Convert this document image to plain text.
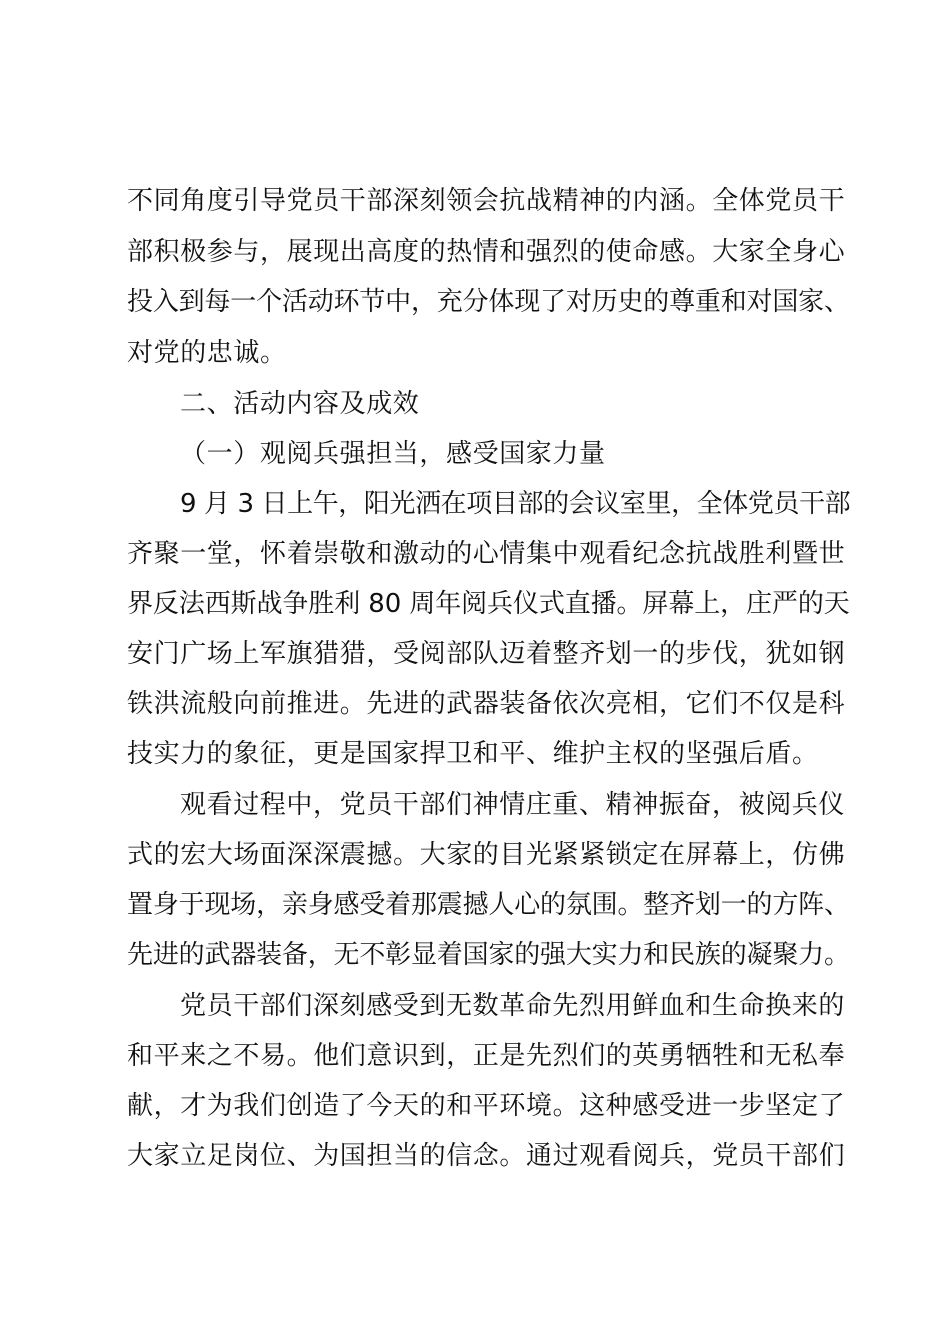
不同角度引导党员干部深刻领会抗战精神的内涵。全体党员干
部积极参与，展现出高度的热情和强烈的使命感。大家全身心
投入到每一个活动环节中，充分体现了对历史的尊重和对国家、
对党的忠诚。
二、活动内容及成效
（一）观阅兵强担当，感受国家力量
9 月 3 日上午，阳光洒在项目部的会议室里，全体党员干部
齐聚一堂，怀着崇敬和激动的心情集中观看纪念抗战胜利暨世
界反法西斯战争胜利 80 周年阅兵仪式直播。屏幕上，庄严的天
安门广场上军旗猎猎，受阅部队迈着整齐划一的步伐，犹如钢
铁洪流般向前推进。先进的武器装备依次亮相，它们不仅是科
技实力的象征，更是国家捍卫和平、维护主权的坚强后盾。
观看过程中，党员干部们神情庄重、精神振奋，被阅兵仪
式的宏大场面深深震撼。大家的目光紧紧锁定在屏幕上，仿佛
置身于现场，亲身感受着那震撼人心的氛围。整齐划一的方阵、
先进的武器装备，无不彰显着国家的强大实力和民族的凝聚力。
党员干部们深刻感受到无数革命先烈用鲜血和生命换来的
和平来之不易。他们意识到，正是先烈们的英勇牺牲和无私奉
献，才为我们创造了今天的和平环境。这种感受进一步坚定了
大家立足岗位、为国担当的信念。通过观看阅兵，党员干部们
